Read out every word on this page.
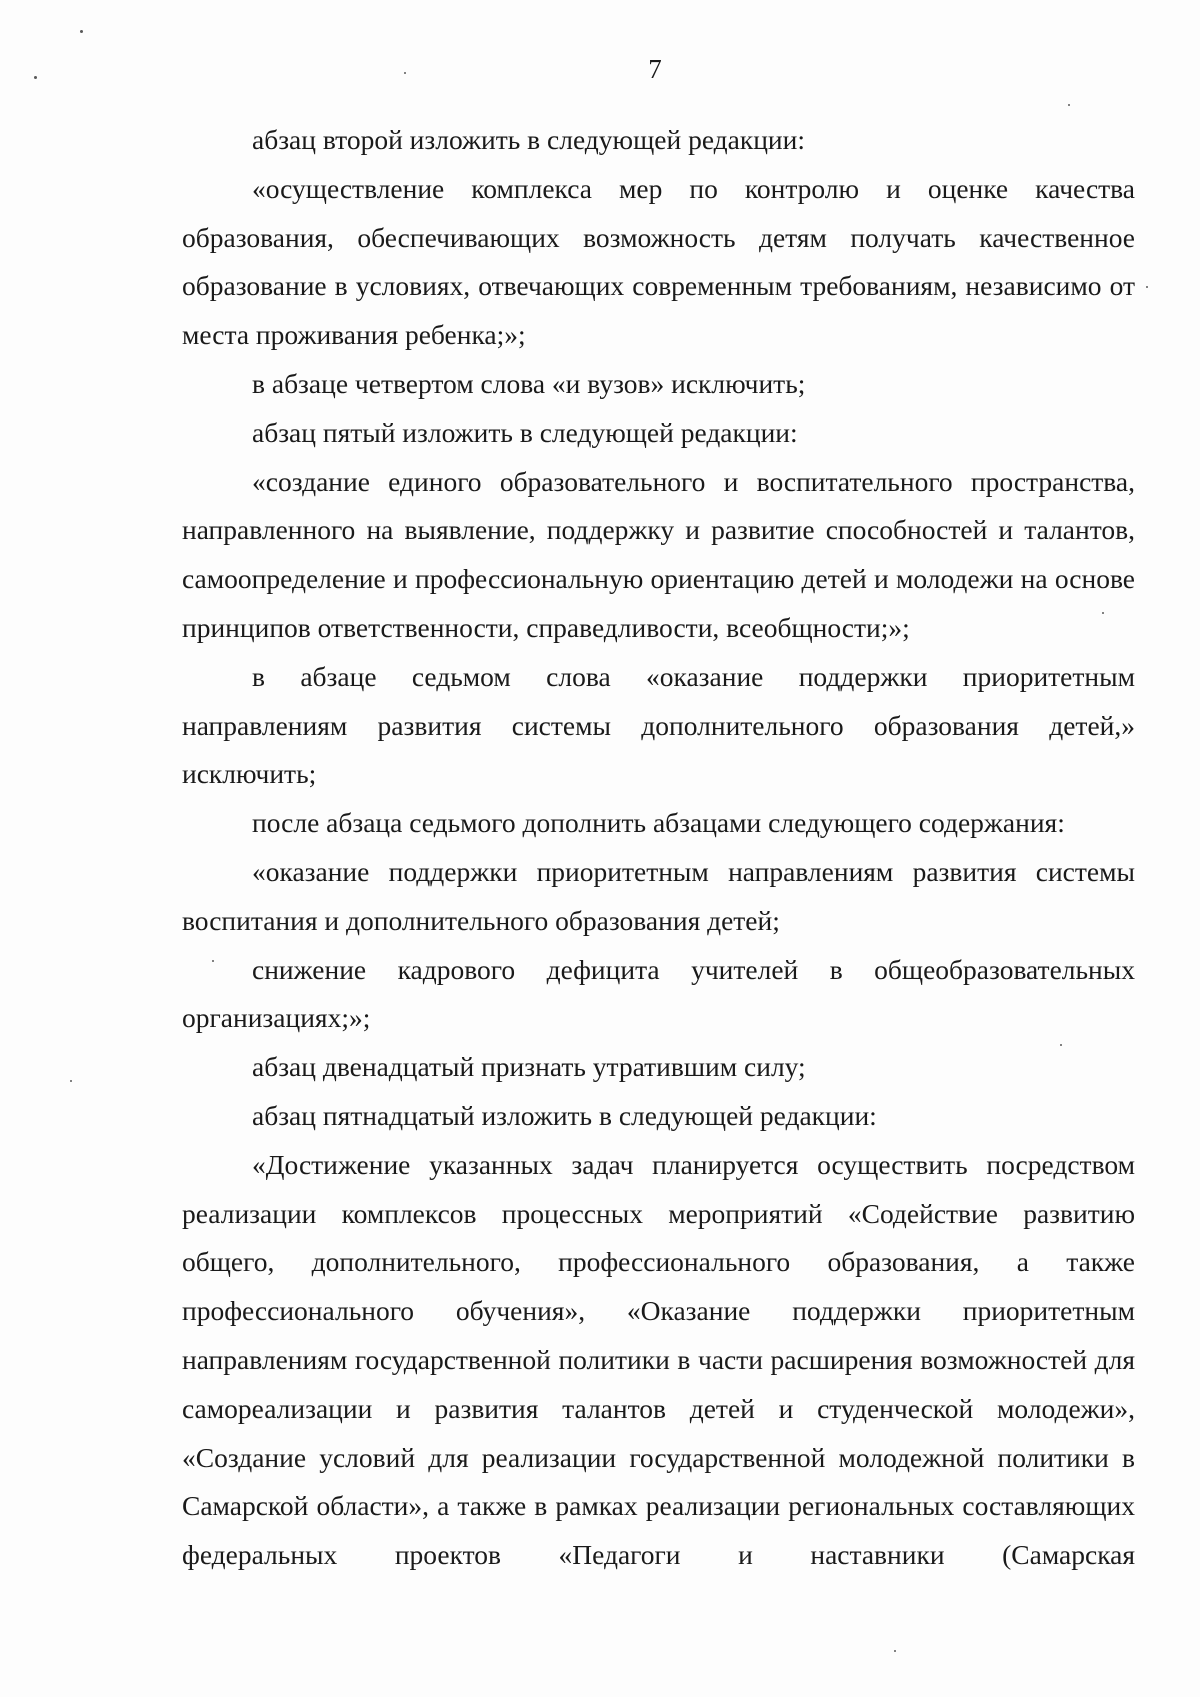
7

абзац второй изложить в следующей редакции:

«осуществление комплекса мер по контролю и оценке качества образования, обеспечивающих возможность детям получать качественное образование в условиях, отвечающих современным требованиям, независимо от места проживания ребенка;»;

в абзаце четвертом слова «и вузов» исключить;

абзац пятый изложить в следующей редакции:

«создание единого образовательного и воспитательного пространства, направленного на выявление, поддержку и развитие способностей и талантов, самоопределение и профессиональную ориентацию детей и молодежи на основе принципов ответственности, справедливости, всеобщности;»;

в абзаце седьмом слова «оказание поддержки приоритетным направлениям развития системы дополнительного образования детей,» исключить;

после абзаца седьмого дополнить абзацами следующего содержания:

«оказание поддержки приоритетным направлениям развития системы воспитания и дополнительного образования детей;

снижение кадрового дефицита учителей в общеобразовательных организациях;»;

абзац двенадцатый признать утратившим силу;

абзац пятнадцатый изложить в следующей редакции:

«Достижение указанных задач планируется осуществить посредством реализации комплексов процессных мероприятий «Содействие развитию общего, дополнительного, профессионального образования, а также профессионального обучения», «Оказание поддержки приоритетным направлениям государственной политики в части расширения возможностей для самореализации и развития талантов детей и студенческой молодежи», «Создание условий для реализации государственной молодежной политики в Самарской области», а также в рамках реализации региональных составляющих федеральных проектов «Педагоги и наставники (Самарская
